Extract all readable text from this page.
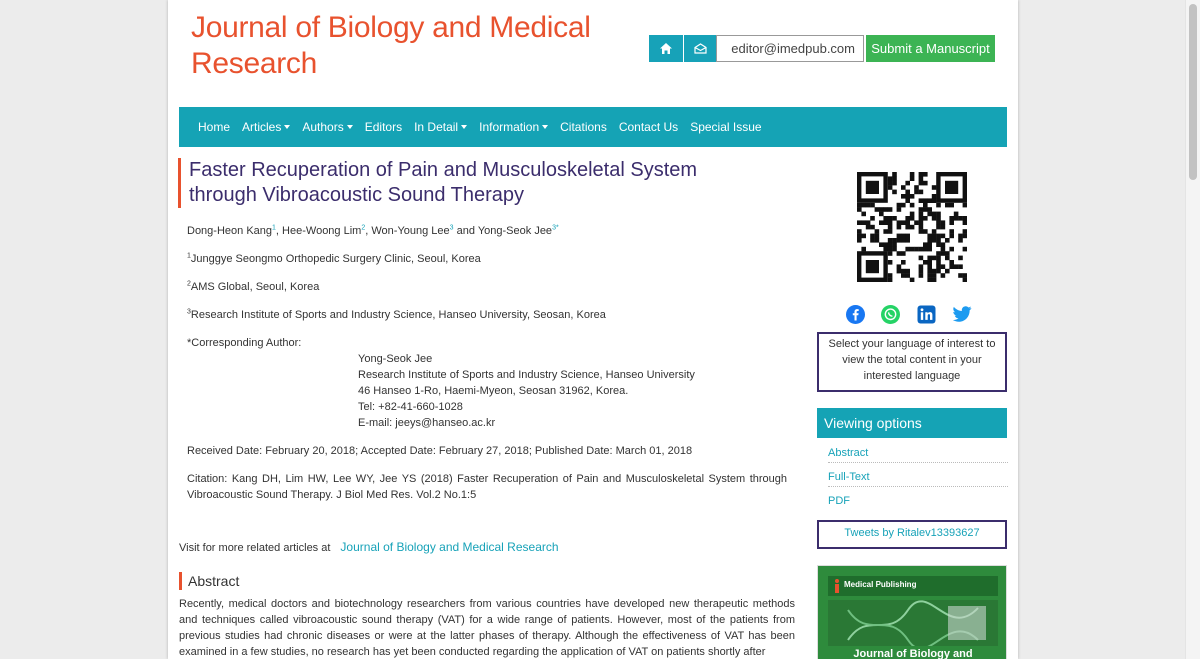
Journal of Biology and Medical Research	editor@imedpub.com	Submit a Manuscript
Home Articles Authors Editors In Detail Information Citations Contact Us Special Issue
Faster Recuperation of Pain and Musculoskeletal System through Vibroacoustic Sound Therapy
Dong-Heon Kang$^1$, Hee-Woong Lim$^2$, Won-Young Lee$^3$ and Yong-Seok Jee$^{3*}$
$^1$Junggye Seongmo Orthopedic Surgery Clinic, Seoul, Korea
$^2$AMS Global, Seoul, Korea
$^3$Research Institute of Sports and Industry Science, Hanseo University, Seosan, Korea
*Corresponding Author:
Yong-Seok Jee
Research Institute of Sports and Industry Science, Hanseo University
46 Hanseo 1-Ro, Haemi-Myeon, Seosan 31962, Korea.
Tel: +82-41-660-1028
E-mail: jeeys@hanseo.ac.kr
Received Date: February 20, 2018; Accepted Date: February 27, 2018; Published Date: March 01, 2018
Citation: Kang DH, Lim HW, Lee WY, Jee YS (2018) Faster Recuperation of Pain and Musculoskeletal System through Vibroacoustic Sound Therapy. J Biol Med Res. Vol.2 No.1:5
Visit for more related articles at Journal of Biology and Medical Research
Abstract
Recently, medical doctors and biotechnology researchers from various countries have developed new therapeutic methods and techniques called vibroacoustic sound therapy (VAT) for a wide range of patients. However, most of the patients from previous studies had chronic diseases or were at the latter phases of therapy. Although the effectiveness of VAT has been examined in a few studies, no research has yet been conducted regarding the application of VAT on patients shortly after
Select your language of interest to view the total content in your interested language
Viewing options
Abstract
Full-Text
PDF
Tweets by Ritalev13393627
Medical Publishing
Journal of Biology and
